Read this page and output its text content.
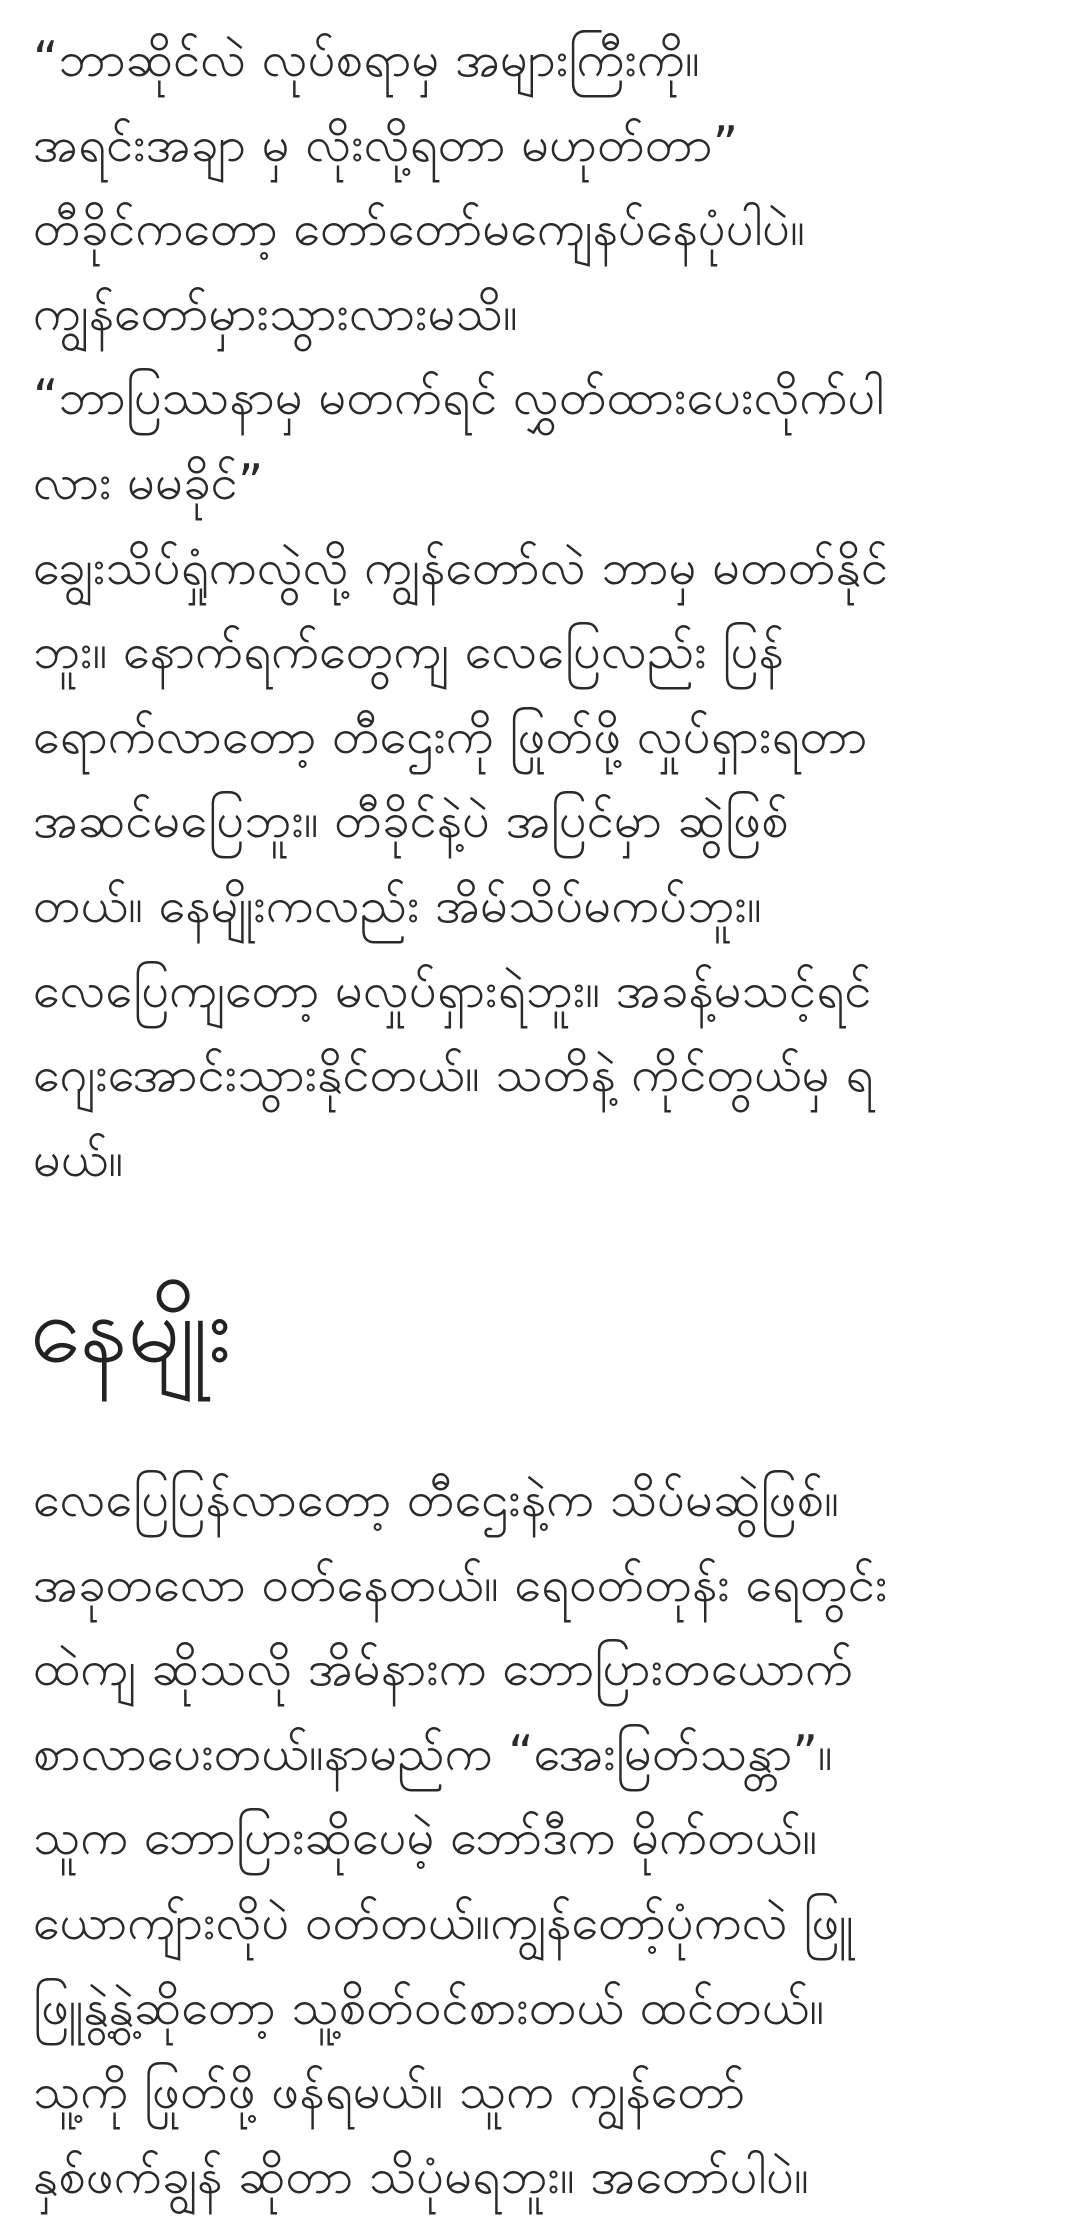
“ဘာဆိုင်လဲ လုပ်စရာမှ အများကြီးကို။
အရင်းအချာ မှ လိုးလို့ရတာ မဟုတ်တာ”
တီခိုင်ကတော့ တော်တော်မကျေနပ်နေပုံပါပဲ။
ကျွန်တော်မှားသွားလားမသိ။
“ဘာပြဿနာမှ မတက်ရင် လွှတ်ထားပေးလိုက်ပါ
လား မမခိုင်”
ချွေးသိပ်ရှုံကလွဲလို့ ကျွန်တော်လဲ ဘာမှ မတတ်နိုင်
ဘူး။ နောက်ရက်တွေကျ လေပြေလည်း ပြန်
ရောက်လာတော့ တီဌေးကို ဖြုတ်ဖို့ လှုပ်ရှားရတာ
အဆင်မပြေဘူး။ တီခိုင်နဲ့ပဲ အပြင်မှာ ဆွဲဖြစ်
တယ်။ နေမျိုးကလည်း အိမ်သိပ်မကပ်ဘူး။
လေပြေကျတော့ မလှုပ်ရှားရဲဘူး။ အခန့်မသင့်ရင်
ဂျေးအောင်းသွားနိုင်တယ်။ သတိနဲ့ ကိုင်တွယ်မှ ရ
မယ်။

နေမျိုး

လေပြေပြန်လာတော့ တီဌေးနဲ့က သိပ်မဆွဲဖြစ်။
အခုတလော ဝတ်နေတယ်။ ရေဝတ်တုန်း ရေတွင်း
ထဲကျ ဆိုသလို အိမ်နားက ဘောပြားတယောက်
စာလာပေးတယ်။နာမည်က “အေးမြတ်သန္တာ”။
သူက ဘောပြားဆိုပေမဲ့ ဘော်ဒီက မိုက်တယ်။
ယောကျ်ားလိုပဲ ဝတ်တယ်။ကျွန်တော့်ပုံကလဲ ဖြူ
ဖြူနွဲ့နွဲ့ဆိုတော့ သူ့စိတ်ဝင်စားတယ် ထင်တယ်။
သူ့ကို ဖြုတ်ဖို့ ဖန်ရမယ်။ သူက ကျွန်တော်
နှစ်ဖက်ချွန် ဆိုတာ သိပုံမရဘူး။ အတော်ပါပဲ။
